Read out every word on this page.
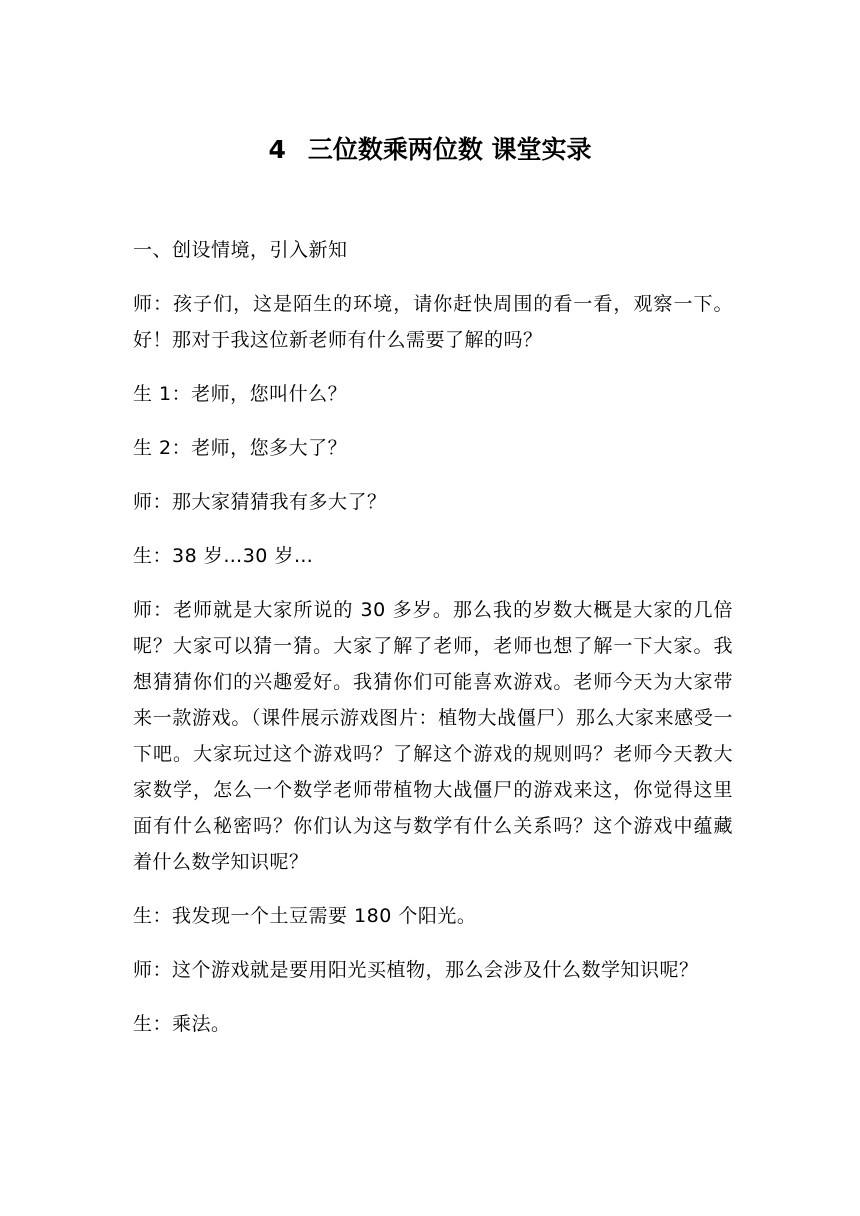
4 三位数乘两位数 课堂实录

一、创设情境，引入新知

师：孩子们，这是陌生的环境，请你赶快周围的看一看，观察一下。好！那对于我这位新老师有什么需要了解的吗？

生 1：老师，您叫什么？

生 2：老师，您多大了？

师：那大家猜猜我有多大了？

生：38 岁…30 岁…

师：老师就是大家所说的 30 多岁。那么我的岁数大概是大家的几倍呢？大家可以猜一猜。大家了解了老师，老师也想了解一下大家。我想猜猜你们的兴趣爱好。我猜你们可能喜欢游戏。老师今天为大家带来一款游戏。（课件展示游戏图片：植物大战僵尸）那么大家来感受一下吧。大家玩过这个游戏吗？了解这个游戏的规则吗？老师今天教大家数学，怎么一个数学老师带植物大战僵尸的游戏来这，你觉得这里面有什么秘密吗？你们认为这与数学有什么关系吗？这个游戏中蕴藏着什么数学知识呢？

生：我发现一个土豆需要 180 个阳光。

师：这个游戏就是要用阳光买植物，那么会涉及什么数学知识呢？

生：乘法。
